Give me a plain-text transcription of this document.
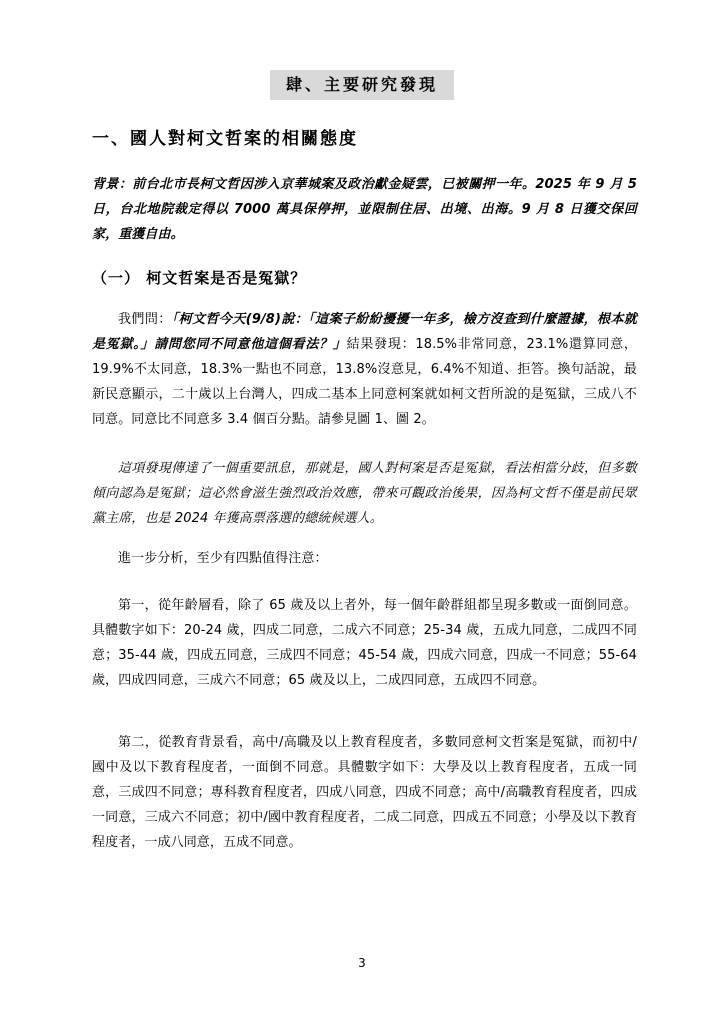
肆、主要研究發現
一、國人對柯文哲案的相關態度

背景：前台北市長柯文哲因涉入京華城案及政治獻金疑雲，已被關押一年。2025 年 9 月 5 日，台北地院裁定得以 7000 萬具保停押，並限制住居、出境、出海。9 月 8 日獲交保回家，重獲自由。

（一） 柯文哲案是否是冤獄？

我們問：「柯文哲今天(9/8)說：「這案子紛紛擾擾一年多，檢方沒查到什麼證據，根本就是冤獄。」請問您同不同意他這個看法？」結果發現：18.5%非常同意，23.1%還算同意，19.9%不太同意，18.3%一點也不同意，13.8%沒意見，6.4%不知道、拒答。換句話說，最新民意顯示，二十歲以上台灣人，四成二基本上同意柯案就如柯文哲所說的是冤獄，三成八不同意。同意比不同意多 3.4 個百分點。請參見圖 1、圖 2。

這項發現傳達了一個重要訊息，那就是，國人對柯案是否是冤獄，看法相當分歧，但多數傾向認為是冤獄；這必然會滋生強烈政治效應，帶來可觀政治後果，因為柯文哲不僅是前民眾黨主席，也是 2024 年獲高票落選的總統候選人。

進一步分析，至少有四點值得注意：

第一，從年齡層看，除了 65 歲及以上者外，每一個年齡群組都呈現多數或一面倒同意。具體數字如下：20-24 歲，四成二同意，二成六不同意；25-34 歲，五成九同意，二成四不同意；35-44 歲，四成五同意，三成四不同意；45-54 歲，四成六同意，四成一不同意；55-64 歲，四成四同意，三成六不同意；65 歲及以上，二成四同意，五成四不同意。

第二，從教育背景看，高中/高職及以上教育程度者，多數同意柯文哲案是冤獄，而初中/國中及以下教育程度者，一面倒不同意。具體數字如下：大學及以上教育程度者，五成一同意，三成四不同意；專科教育程度者，四成八同意，四成不同意；高中/高職教育程度者，四成一同意，三成六不同意；初中/國中教育程度者，二成二同意，四成五不同意；小學及以下教育程度者，一成八同意，五成不同意。

3
